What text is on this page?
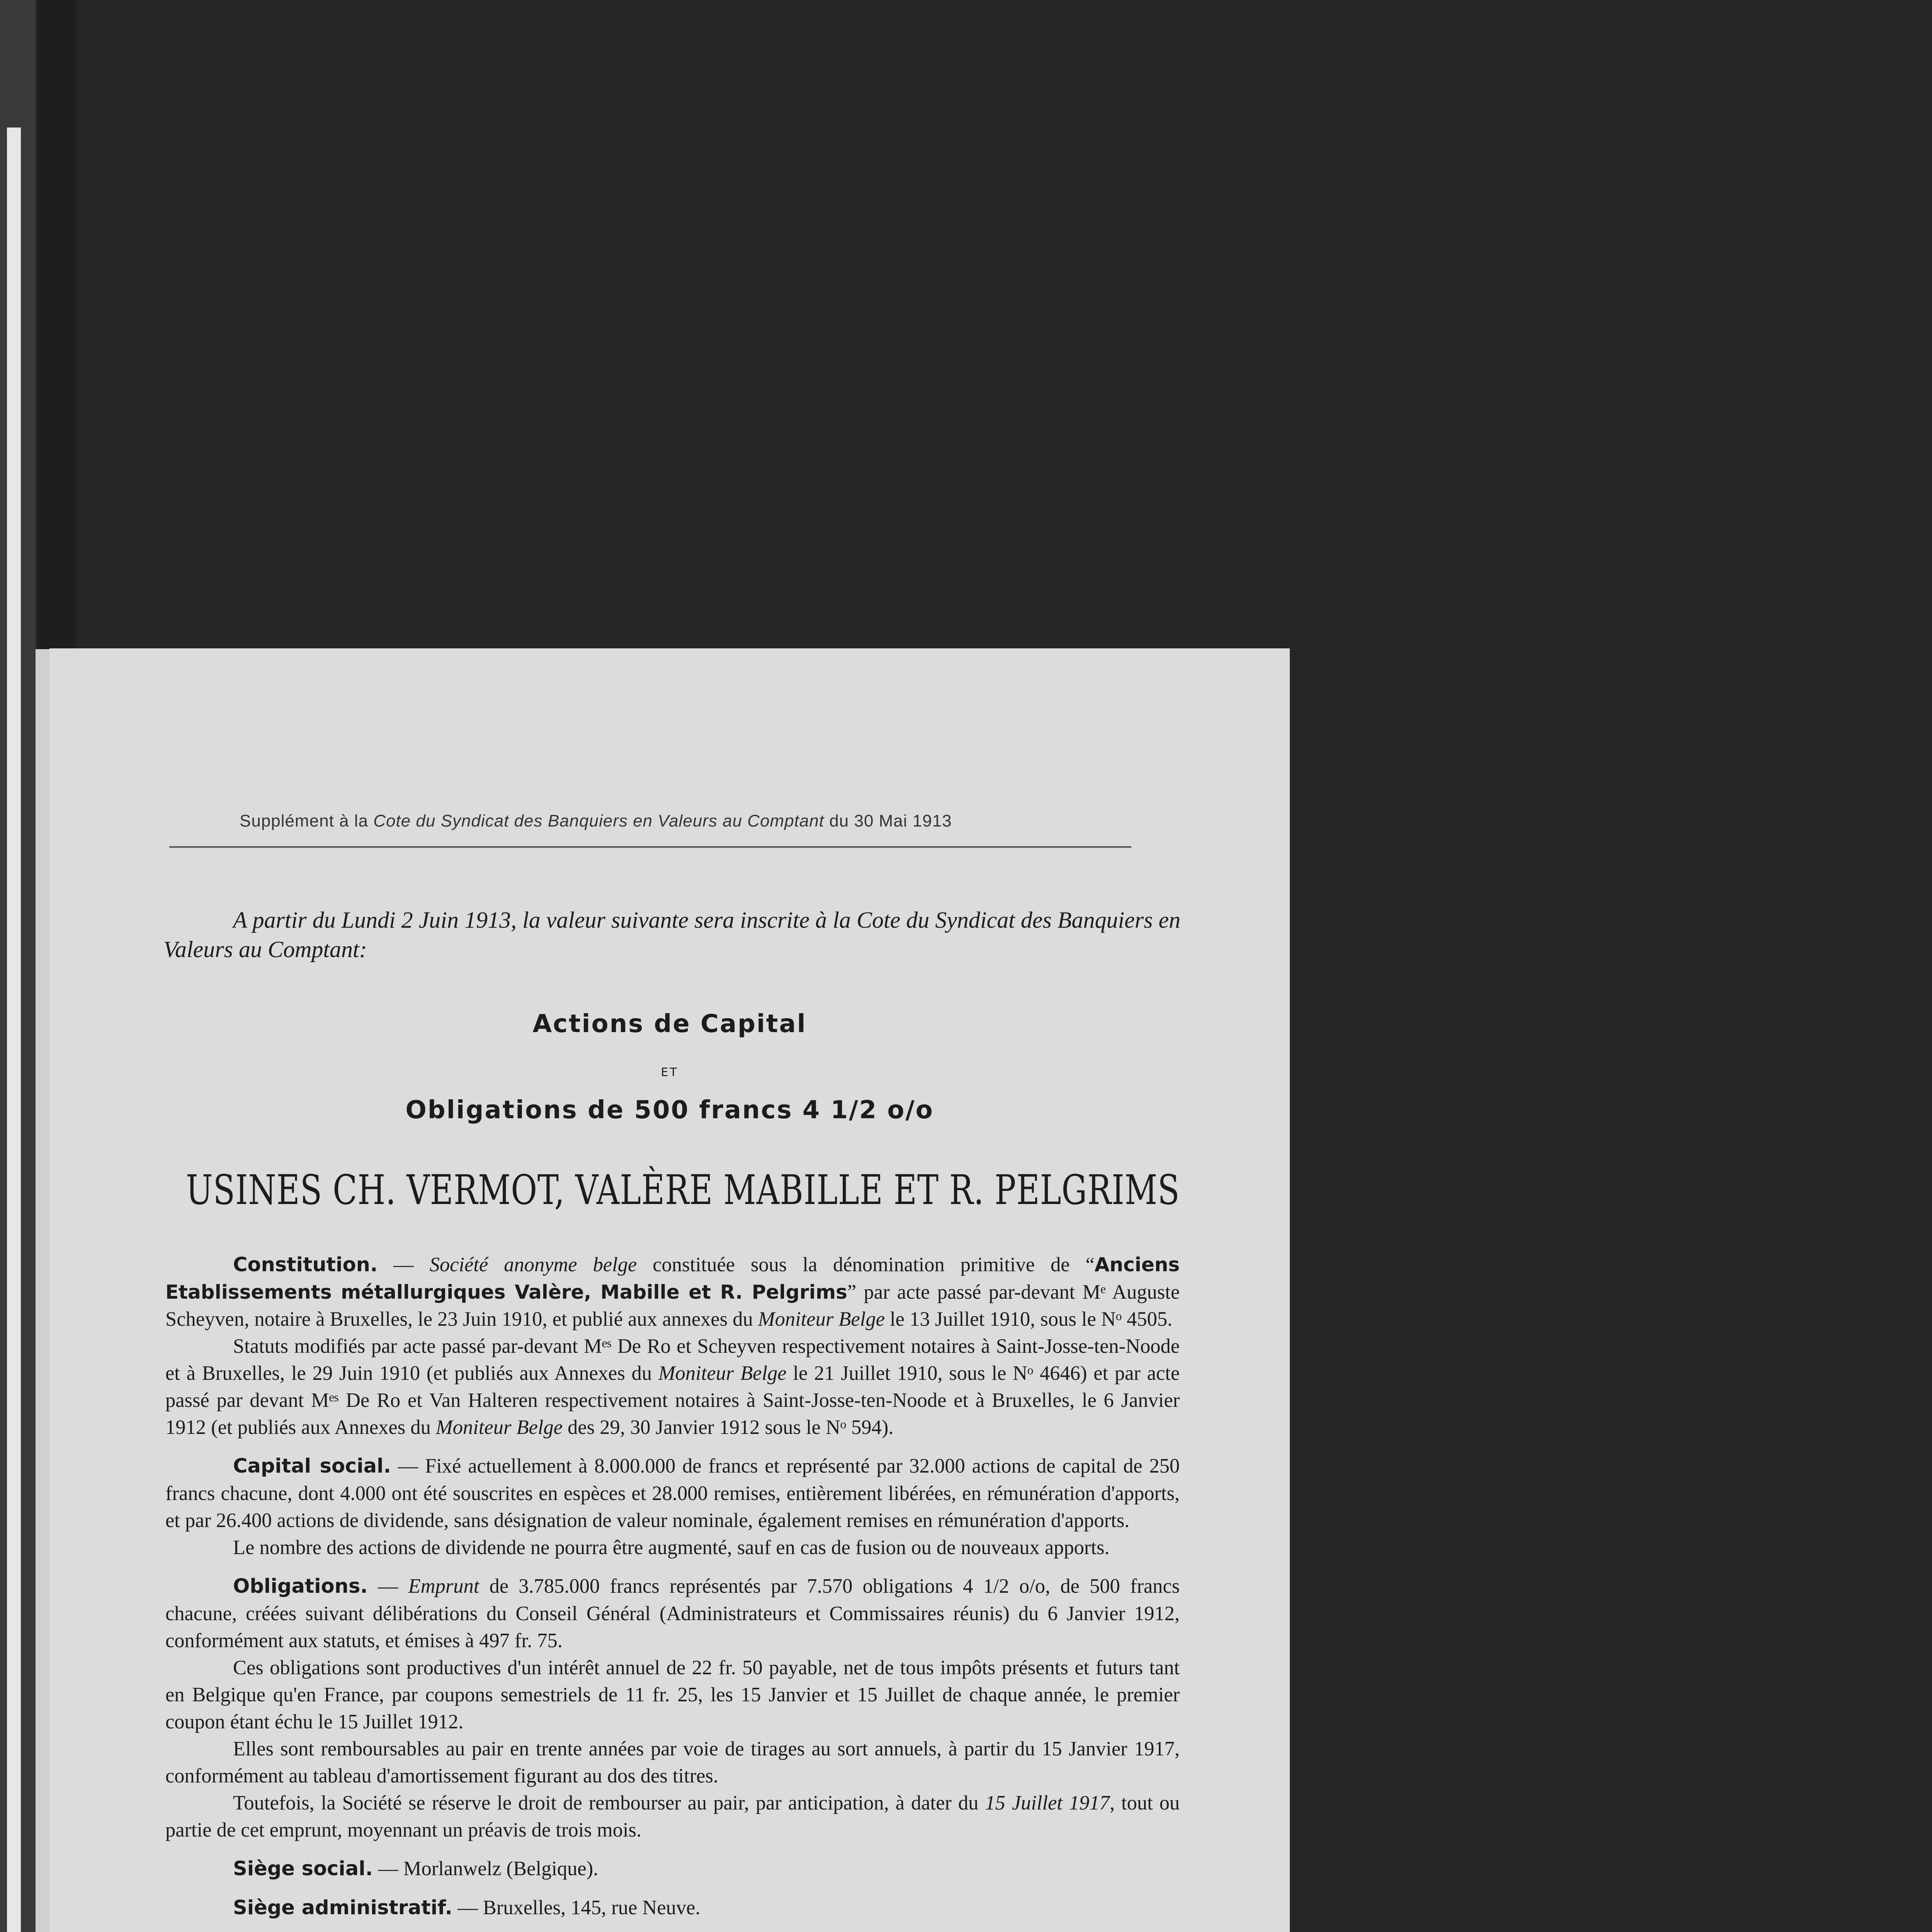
Supplément à la Cote du Syndicat des Banquiers en Valeurs au Comptant du 30 Mai 1913
A partir du Lundi 2 Juin 1913, la valeur suivante sera inscrite à la Cote du Syndicat des Banquiers en Valeurs au Comptant:
Actions de Capital
ET
Obligations de 500 francs 4 1/2 o/o
USINES CH. VERMOT, VALÈRE MABILLE ET R. PELGRIMS

Constitution. — Société anonyme belge constituée sous la dénomination primitive de “Anciens Etablissements métallurgiques Valère, Mabille et R. Pelgrims” par acte passé par-devant Mᵉ Auguste Scheyven, notaire à Bruxelles, le 23 Juin 1910, et publié aux annexes du Moniteur Belge le 13 Juillet 1910, sous le Nᵒ 4505.

Statuts modifiés par acte passé par-devant Mᵉˢ De Ro et Scheyven respectivement notaires à Saint-Josse-ten-Noode et à Bruxelles, le 29 Juin 1910 (et publiés aux Annexes du Moniteur Belge le 21 Juillet 1910, sous le Nᵒ 4646) et par acte passé par devant Mᵉˢ De Ro et Van Halteren respectivement notaires à Saint-Josse-ten-Noode et à Bruxelles, le 6 Janvier 1912 (et publiés aux Annexes du Moniteur Belge des 29, 30 Janvier 1912 sous le Nᵒ 594).

Capital social. — Fixé actuellement à 8.000.000 de francs et représenté par 32.000 actions de capital de 250 francs chacune, dont 4.000 ont été souscrites en espèces et 28.000 remises, entièrement libérées, en rémunération d'apports, et par 26.400 actions de dividende, sans désignation de valeur nominale, également remises en rémunération d'apports.

Le nombre des actions de dividende ne pourra être augmenté, sauf en cas de fusion ou de nouveaux apports.

Obligations. — Emprunt de 3.785.000 francs représentés par 7.570 obligations 4 1/2 o/o, de 500 francs chacune, créées suivant délibérations du Conseil Général (Administrateurs et Commissaires réunis) du 6 Janvier 1912, conformément aux statuts, et émises à 497 fr. 75.

Ces obligations sont productives d'un intérêt annuel de 22 fr. 50 payable, net de tous impôts présents et futurs tant en Belgique qu'en France, par coupons semestriels de 11 fr. 25, les 15 Janvier et 15 Juillet de chaque année, le premier coupon étant échu le 15 Juillet 1912.

Elles sont remboursables au pair en trente années par voie de tirages au sort annuels, à partir du 15 Janvier 1917, conformément au tableau d'amortissement figurant au dos des titres.

Toutefois, la Société se réserve le droit de rembourser au pair, par anticipation, à dater du 15 Juillet 1917, tout ou partie de cet emprunt, moyennant un préavis de trois mois.

Siège social. — Morlanwelz (Belgique).

Siège administratif. — Bruxelles, 145, rue Neuve.
